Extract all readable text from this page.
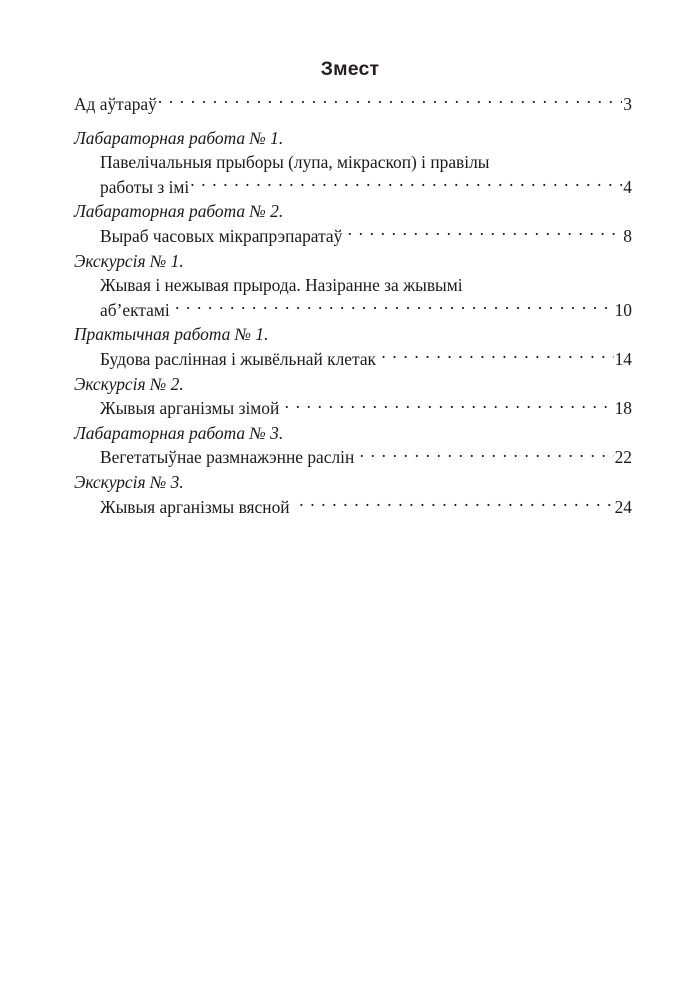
Змест
Ад аўтараў . . .	3
Лабараторная работа № 1.
Павелічальныя прыборы (лупа, мікраскоп) і правілы
работы з імі . . .	4
Лабараторная работа № 2.
Выраб часовых мікрапрэпаратаў . . .	8
Экскурсія № 1.
Жывая і нежывая прырода. Назіранне за жывымі
аб’ектамі . . .	10
Практычная работа № 1.
Будова раслінная і жывёльнай клетак . . .	14
Экскурсія № 2.
Жывыя арганізмы зімой . . .	18
Лабараторная работа № 3.
Вегетатыўнае размнажэнне раслін . . .	22
Экскурсія № 3.
Жывыя арганізмы вясной . . .	24
